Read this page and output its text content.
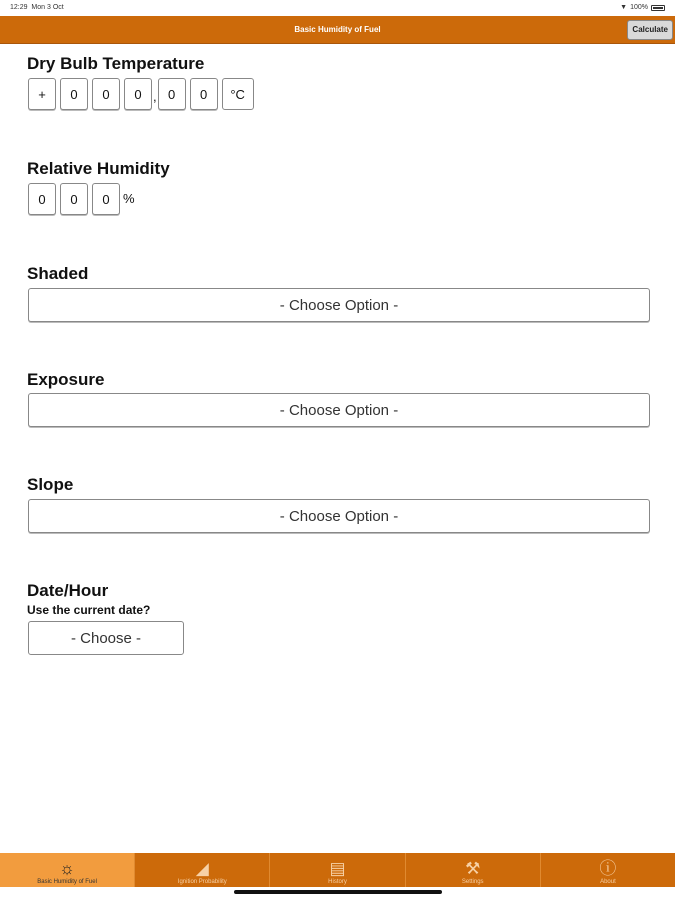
12:29 Mon 3 Oct	▼ 100%
Basic Humidity of Fuel	Calculate
Dry Bulb Temperature
+	0	0	0 , 0	0	°C
Relative Humidity
0	0	0	%
Shaded
- Choose Option -
Exposure
- Choose Option -
Slope
- Choose Option -
Date/Hour
Use the current date?
- Choose -
☼
Basic Humidity of Fuel
◢
Ignition Probability
▤
History
⚒
Settings
ⓘ
About
